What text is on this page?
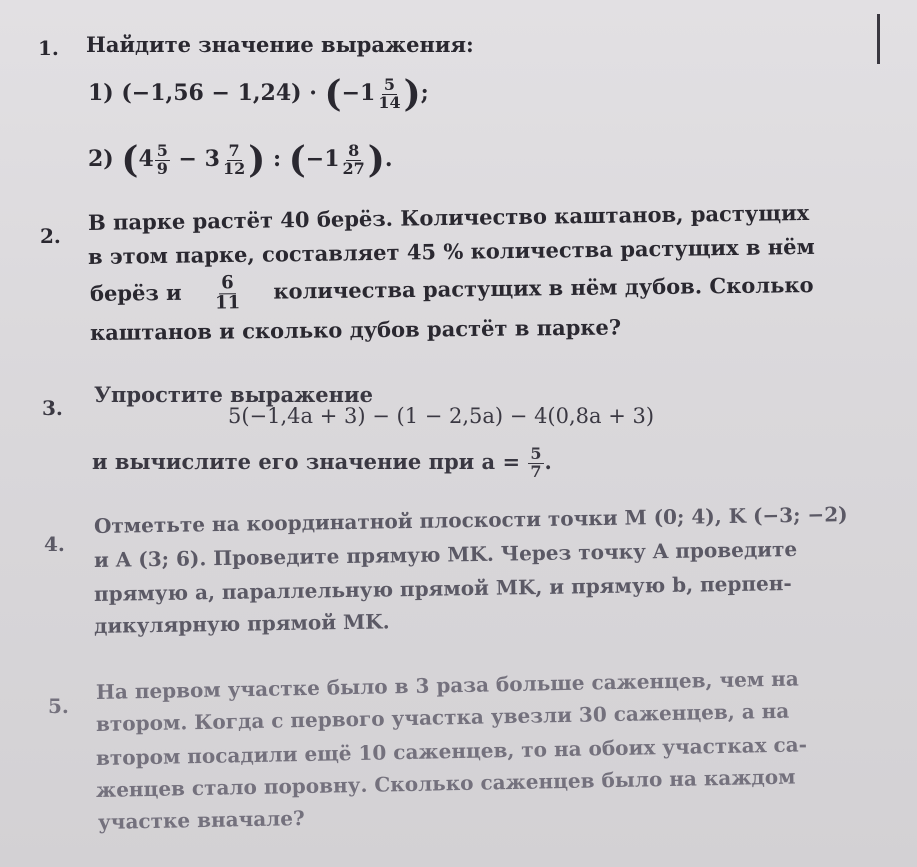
1. Найдите значение выражения:
1) $(-1,56 - 1,24) \cdot (-1 \frac{5}{14}$ );
2) ($4 \frac{5}{9} - 3 \frac{7}{12}$ ) : ($-1 \frac{8}{27}$ ).
2.
В парке растёт 40 берёз. Количество каштанов, растущих
в этом парке, составляет 45 % количества растущих в нём
берёз и $\frac{6}{11}$ количества растущих в нём дубов. Сколько
каштанов и сколько дубов растёт в парке?
3.
Упростите выражение
5(−1,4a + 3) − (1 − 2,5a) − 4(0,8a + 3)
и вычислите его значение при $a = \frac{5}{7}$ .
4.
Отметьте на координатной плоскости точки M (0; 4), K (−3; −2)
и A (3; 6). Проведите прямую MK. Через точку A проведите
прямую a, параллельную прямой MK, и прямую b, перпен-
дикулярную прямой MK.
5.
На первом участке было в 3 раза больше саженцев, чем на
втором. Когда с первого участка увезли 30 саженцев, а на
втором посадили ещё 10 саженцев, то на обоих участках са-
женцев стало поровну. Сколько саженцев было на каждом
участке вначале?
